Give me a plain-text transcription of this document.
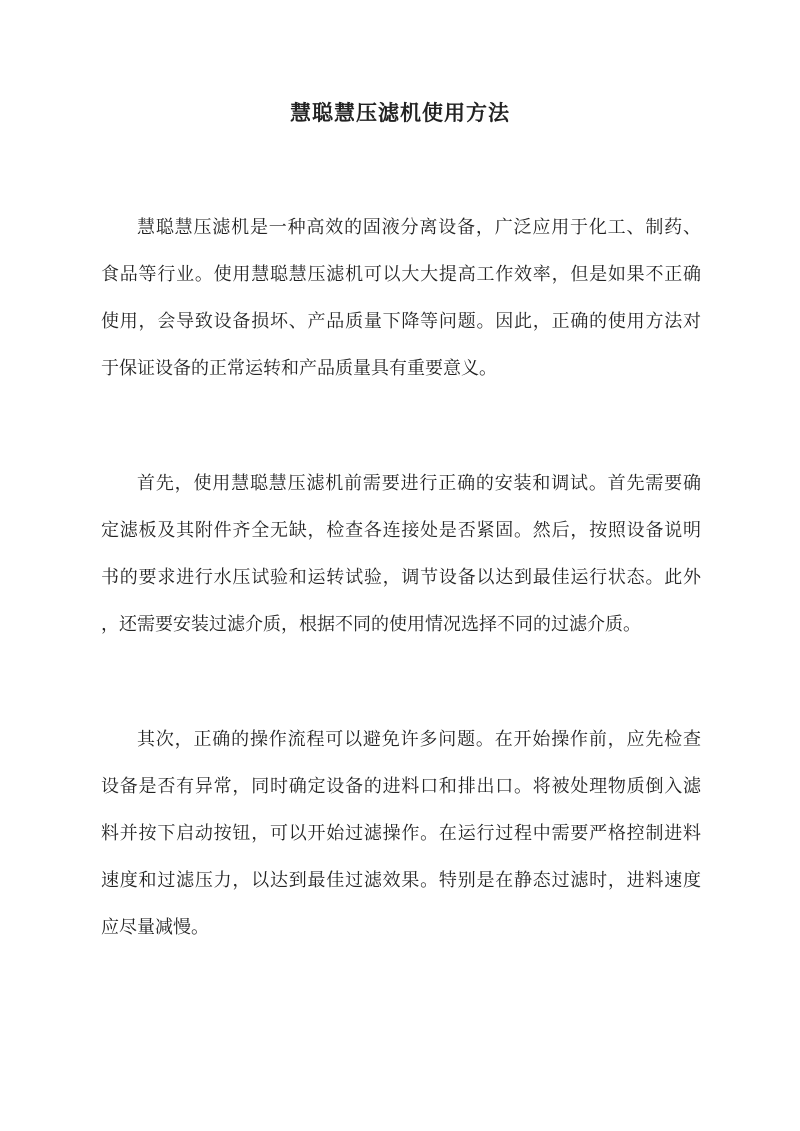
慧聪慧压滤机使用方法
慧聪慧压滤机是一种高效的固液分离设备，广泛应用于化工、制药、
食品等行业。使用慧聪慧压滤机可以大大提高工作效率，但是如果不正确
使用，会导致设备损坏、产品质量下降等问题。因此，正确的使用方法对
于保证设备的正常运转和产品质量具有重要意义。
首先，使用慧聪慧压滤机前需要进行正确的安装和调试。首先需要确
定滤板及其附件齐全无缺，检查各连接处是否紧固。然后，按照设备说明
书的要求进行水压试验和运转试验，调节设备以达到最佳运行状态。此外
，还需要安装过滤介质，根据不同的使用情况选择不同的过滤介质。
其次，正确的操作流程可以避免许多问题。在开始操作前，应先检查
设备是否有异常，同时确定设备的进料口和排出口。将被处理物质倒入滤
料并按下启动按钮，可以开始过滤操作。在运行过程中需要严格控制进料
速度和过滤压力，以达到最佳过滤效果。特别是在静态过滤时，进料速度
应尽量减慢。
